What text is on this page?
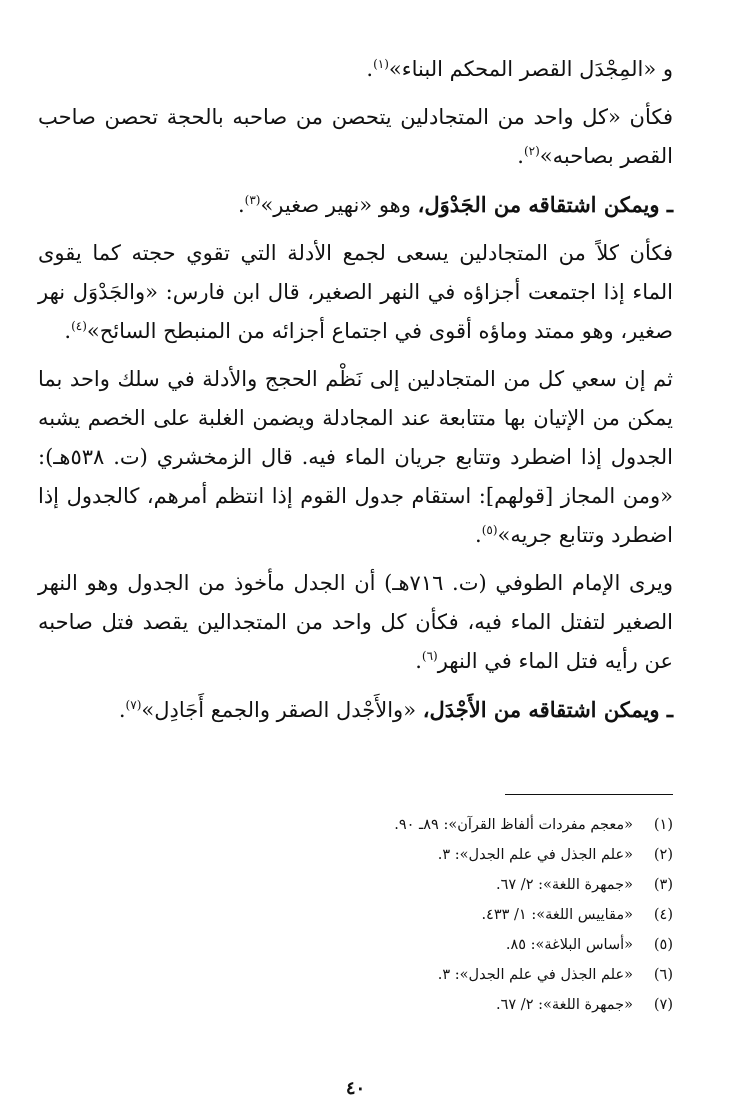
و «المِجْدَل القصر المحكم البناء»$^{(١)}$.

فكأن «كل واحد من المتجادلين يتحصن من صاحبه بالحجة تحصن صاحب القصر بصاحبه»$^{(٢)}$.

ـ ويمكن اشتقاقه من الجَدْوَل، وهو «نهير صغير»$^{(٣)}$.

فكأن كلاً من المتجادلين يسعى لجمع الأدلة التي تقوي حجته كما يقوى الماء إذا اجتمعت أجزاؤه في النهر الصغير، قال ابن فارس: «والجَدْوَل نهر صغير، وهو ممتد وماؤه أقوى في اجتماع أجزائه من المنبطح السائح»$^{(٤)}$.

ثم إن سعي كل من المتجادلين إلى نَظْم الحجج والأدلة في سلك واحد بما يمكن من الإتيان بها متتابعة عند المجادلة ويضمن الغلبة على الخصم يشبه الجدول إذا اضطرد وتتابع جريان الماء فيه. قال الزمخشري (ت. ٥٣٨هـ): «ومن المجاز [قولهم]: استقام جدول القوم إذا انتظم أمرهم، كالجدول إذا اضطرد وتتابع جريه»$^{(٥)}$.

ويرى الإمام الطوفي (ت. ٧١٦هـ) أن الجدل مأخوذ من الجدول وهو النهر الصغير لتفتل الماء فيه، فكأن كل واحد من المتجدالين يقصد فتل صاحبه عن رأيه فتل الماء في النهر$^{(٦)}$.

ـ ويمكن اشتقاقه من الأَجْدَل، «والأَجْدل الصقر والجمع أَجَادِل»$^{(٧)}$.

(١)«معجم مفردات ألفاظ القرآن»: ٨٩ـ ٩٠.
(٢)«علم الجذل في علم الجدل»: ٣.
(٣)«جمهرة اللغة»: ٢/ ٦٧.
(٤)«مقاييس اللغة»: ١/ ٤٣٣.
(٥)«أساس البلاغة»: ٨٥.
(٦)«علم الجذل في علم الجدل»: ٣.
(٧)«جمهرة اللغة»: ٢/ ٦٧.
٤٠
